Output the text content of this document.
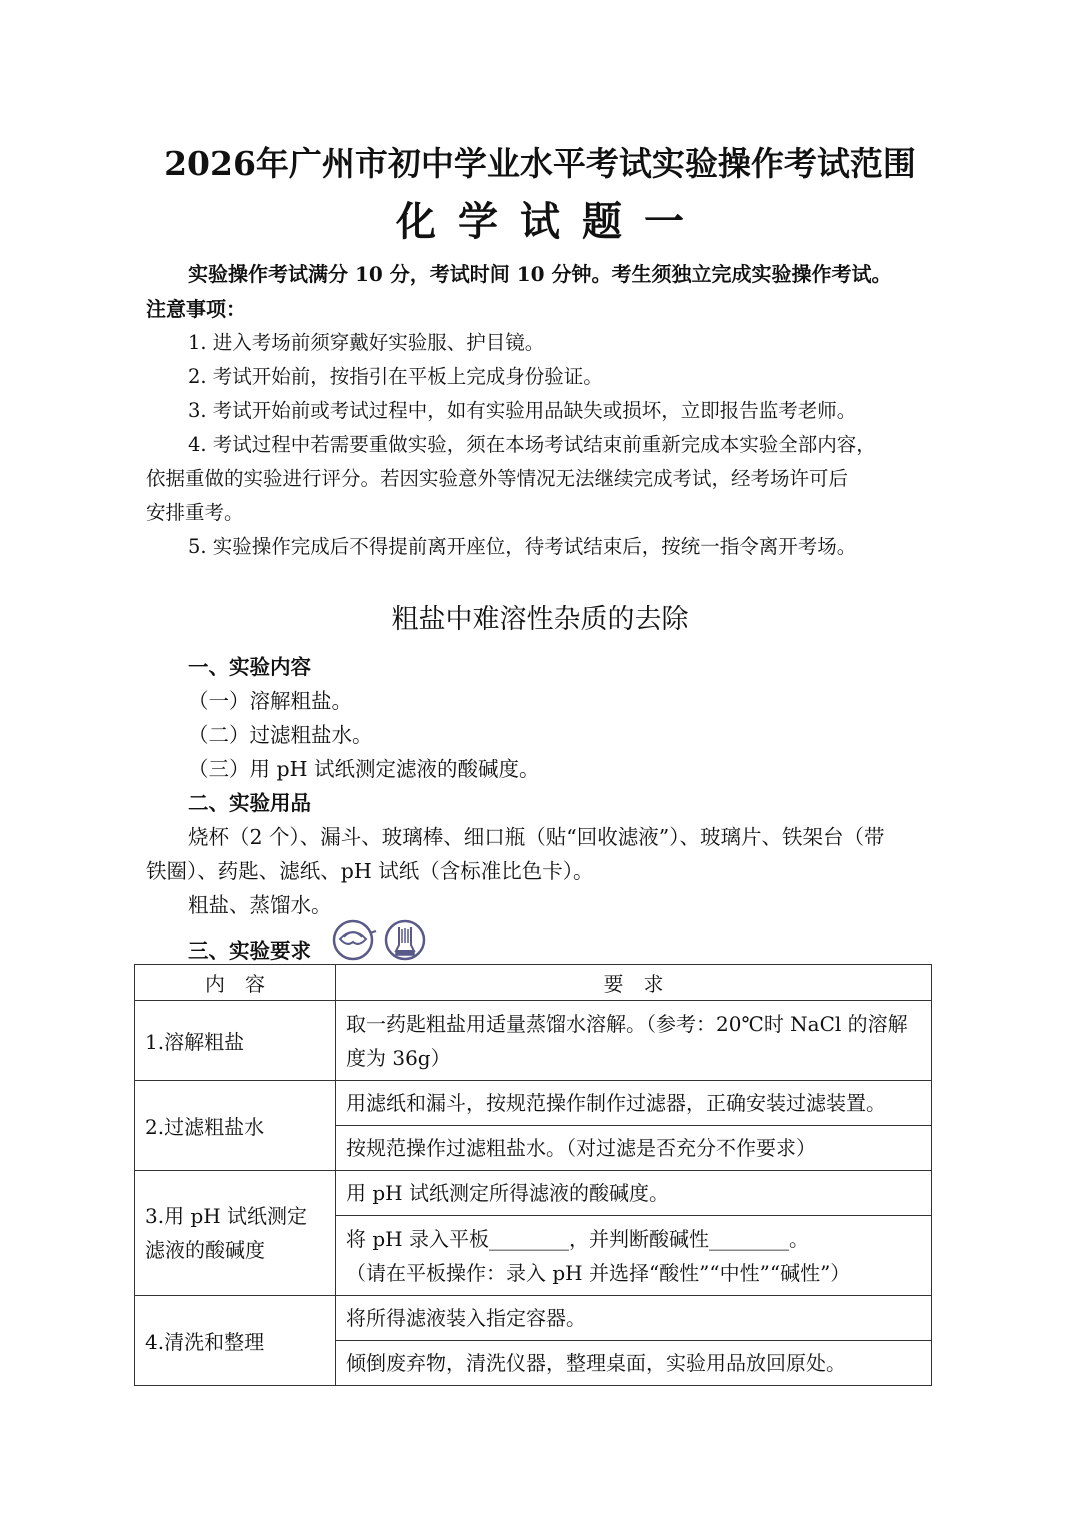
2026年广州市初中学业水平考试实验操作考试范围
化学试题一
实验操作考试满分 10 分，考试时间 10 分钟。考生须独立完成实验操作考试。
注意事项：
1. 进入考场前须穿戴好实验服、护目镜。
2. 考试开始前，按指引在平板上完成身份验证。
3. 考试开始前或考试过程中，如有实验用品缺失或损坏，立即报告监考老师。
4. 考试过程中若需要重做实验，须在本场考试结束前重新完成本实验全部内容，
依据重做的实验进行评分。若因实验意外等情况无法继续完成考试，经考场许可后
安排重考。
5. 实验操作完成后不得提前离开座位，待考试结束后，按统一指令离开考场。
粗盐中难溶性杂质的去除
一、实验内容
（一）溶解粗盐。
（二）过滤粗盐水。
（三）用 pH 试纸测定滤液的酸碱度。
二、实验用品
烧杯（2 个）、漏斗、玻璃棒、细口瓶（贴“回收滤液”）、玻璃片、铁架台（带
铁圈）、药匙、滤纸、pH 试纸（含标准比色卡）。
粗盐、蒸馏水。
三、实验要求
内　容	要　求
1.溶解粗盐	取一药匙粗盐用适量蒸馏水溶解。（参考：20℃时 NaCl 的溶解
度为 36g）
2.过滤粗盐水	用滤纸和漏斗，按规范操作制作过滤器，正确安装过滤装置。
	按规范操作过滤粗盐水。（对过滤是否充分不作要求）
3.用 pH 试纸测定
滤液的酸碱度	用 pH 试纸测定所得滤液的酸碱度。
	将 pH 录入平板________，并判断酸碱性________。
（请在平板操作：录入 pH 并选择“酸性”“中性”“碱性”）
4.清洗和整理	将所得滤液装入指定容器。
	倾倒废弃物，清洗仪器，整理桌面，实验用品放回原处。
